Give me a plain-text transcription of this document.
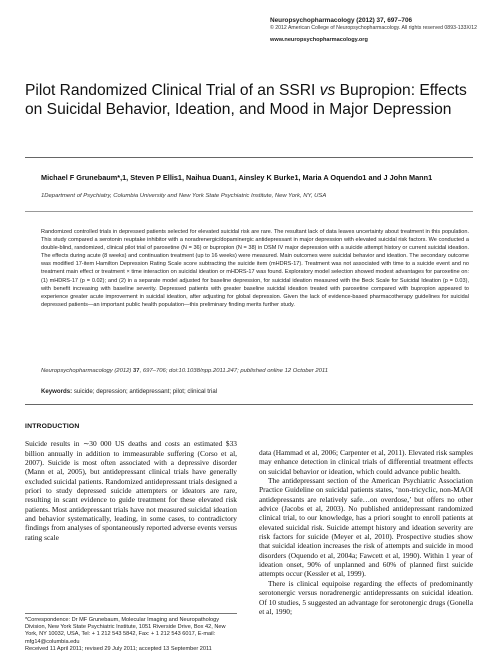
Neuropsychopharmacology (2012) 37, 697–706
© 2012 American College of Neuropsychopharmacology. All rights reserved 0893-133X/12
www.neuropsychopharmacology.org
Pilot Randomized Clinical Trial of an SSRI vs Bupropion: Effects on Suicidal Behavior, Ideation, and Mood in Major Depression
Michael F Grunebaum*,1, Steven P Ellis1, Naihua Duan1, Ainsley K Burke1, Maria A Oquendo1 and J John Mann1
1Department of Psychiatry, Columbia University and New York State Psychiatric Institute, New York, NY, USA

Randomized controlled trials in depressed patients selected for elevated suicidal risk are rare. The resultant lack of data leaves uncertainty about treatment in this population. This study compared a serotonin reuptake inhibitor with a noradrenergic/dopaminergic antidepressant in major depression with elevated suicidal risk factors. We conducted a double-blind, randomized, clinical pilot trial of paroxetine (N = 36) or bupropion (N = 38) in DSM IV major depression with a suicide attempt history or current suicidal ideation. The effects during acute (8 weeks) and continuation treatment (up to 16 weeks) were measured. Main outcomes were suicidal behavior and ideation. The secondary outcome was modified 17-item Hamilton Depression Rating Scale score subtracting the suicide item (mHDRS-17). Treatment was not associated with time to a suicide event and no treatment main effect or treatment × time interaction on suicidal ideation or mHDRS-17 was found. Exploratory model selection showed modest advantages for paroxetine on: (1) mHDRS-17 (p = 0.02); and (2) in a separate model adjusted for baseline depression, for suicidal ideation measured with the Beck Scale for Suicidal Ideation (p = 0.03), with benefit increasing with baseline severity. Depressed patients with greater baseline suicidal ideation treated with paroxetine compared with bupropion appeared to experience greater acute improvement in suicidal ideation, after adjusting for global depression. Given the lack of evidence-based pharmacotherapy guidelines for suicidal depressed patients—an important public health population—this preliminary finding merits further study.

Neuropsychopharmacology (2012) 37, 697–706; doi:10.1038/npp.2011.247; published online 12 October 2011
Keywords: suicide; depression; antidepressant; pilot; clinical trial
INTRODUCTION

Suicide results in ∼30 000 US deaths and costs an estimated $33 billion annually in addition to immeasurable suffering (Corso et al, 2007). Suicide is most often associated with a depressive disorder (Mann et al, 2005), but antidepressant clinical trials have generally excluded suicidal patients. Randomized antidepressant trials designed a priori to study depressed suicide attempters or ideators are rare, resulting in scant evidence to guide treatment for these elevated risk patients. Most antidepressant trials have not measured suicidal ideation and behavior systematically, leading, in some cases, to contradictory findings from analyses of spontaneously reported adverse events versus rating scale

data (Hammad et al, 2006; Carpenter et al, 2011). Elevated risk samples may enhance detection in clinical trials of differential treatment effects on suicidal behavior or ideation, which could advance public health.

The antidepressant section of the American Psychiatric Association Practice Guideline on suicidal patients states, ‘non-tricyclic, non-MAOI antidepressants are relatively safe…on overdose,’ but offers no other advice (Jacobs et al, 2003). No published antidepressant randomized clinical trial, to our knowledge, has a priori sought to enroll patients at elevated suicidal risk. Suicide attempt history and ideation severity are risk factors for suicide (Meyer et al, 2010). Prospective studies show that suicidal ideation increases the risk of attempts and suicide in mood disorders (Oquendo et al, 2004a; Fawcett et al, 1990). Within 1 year of ideation onset, 90% of unplanned and 60% of planned first suicide attempts occur (Kessler et al, 1999).

There is clinical equipoise regarding the effects of predominantly serotonergic versus noradrenergic antidepressants on suicidal ideation. Of 10 studies, 5 suggested an advantage for serotonergic drugs (Gonella et al, 1990;

*Correspondence: Dr MF Grunebaum, Molecular Imaging and Neuropathology Division, New York State Psychiatric Institute, 1051 Riverside Drive, Box 42, New York, NY 10032, USA, Tel: + 1 212 543 5842, Fax: + 1 212 543 6017, E-mail: mfg14@columbia.edu
Received 11 April 2011; revised 29 July 2011; accepted 13 September 2011
